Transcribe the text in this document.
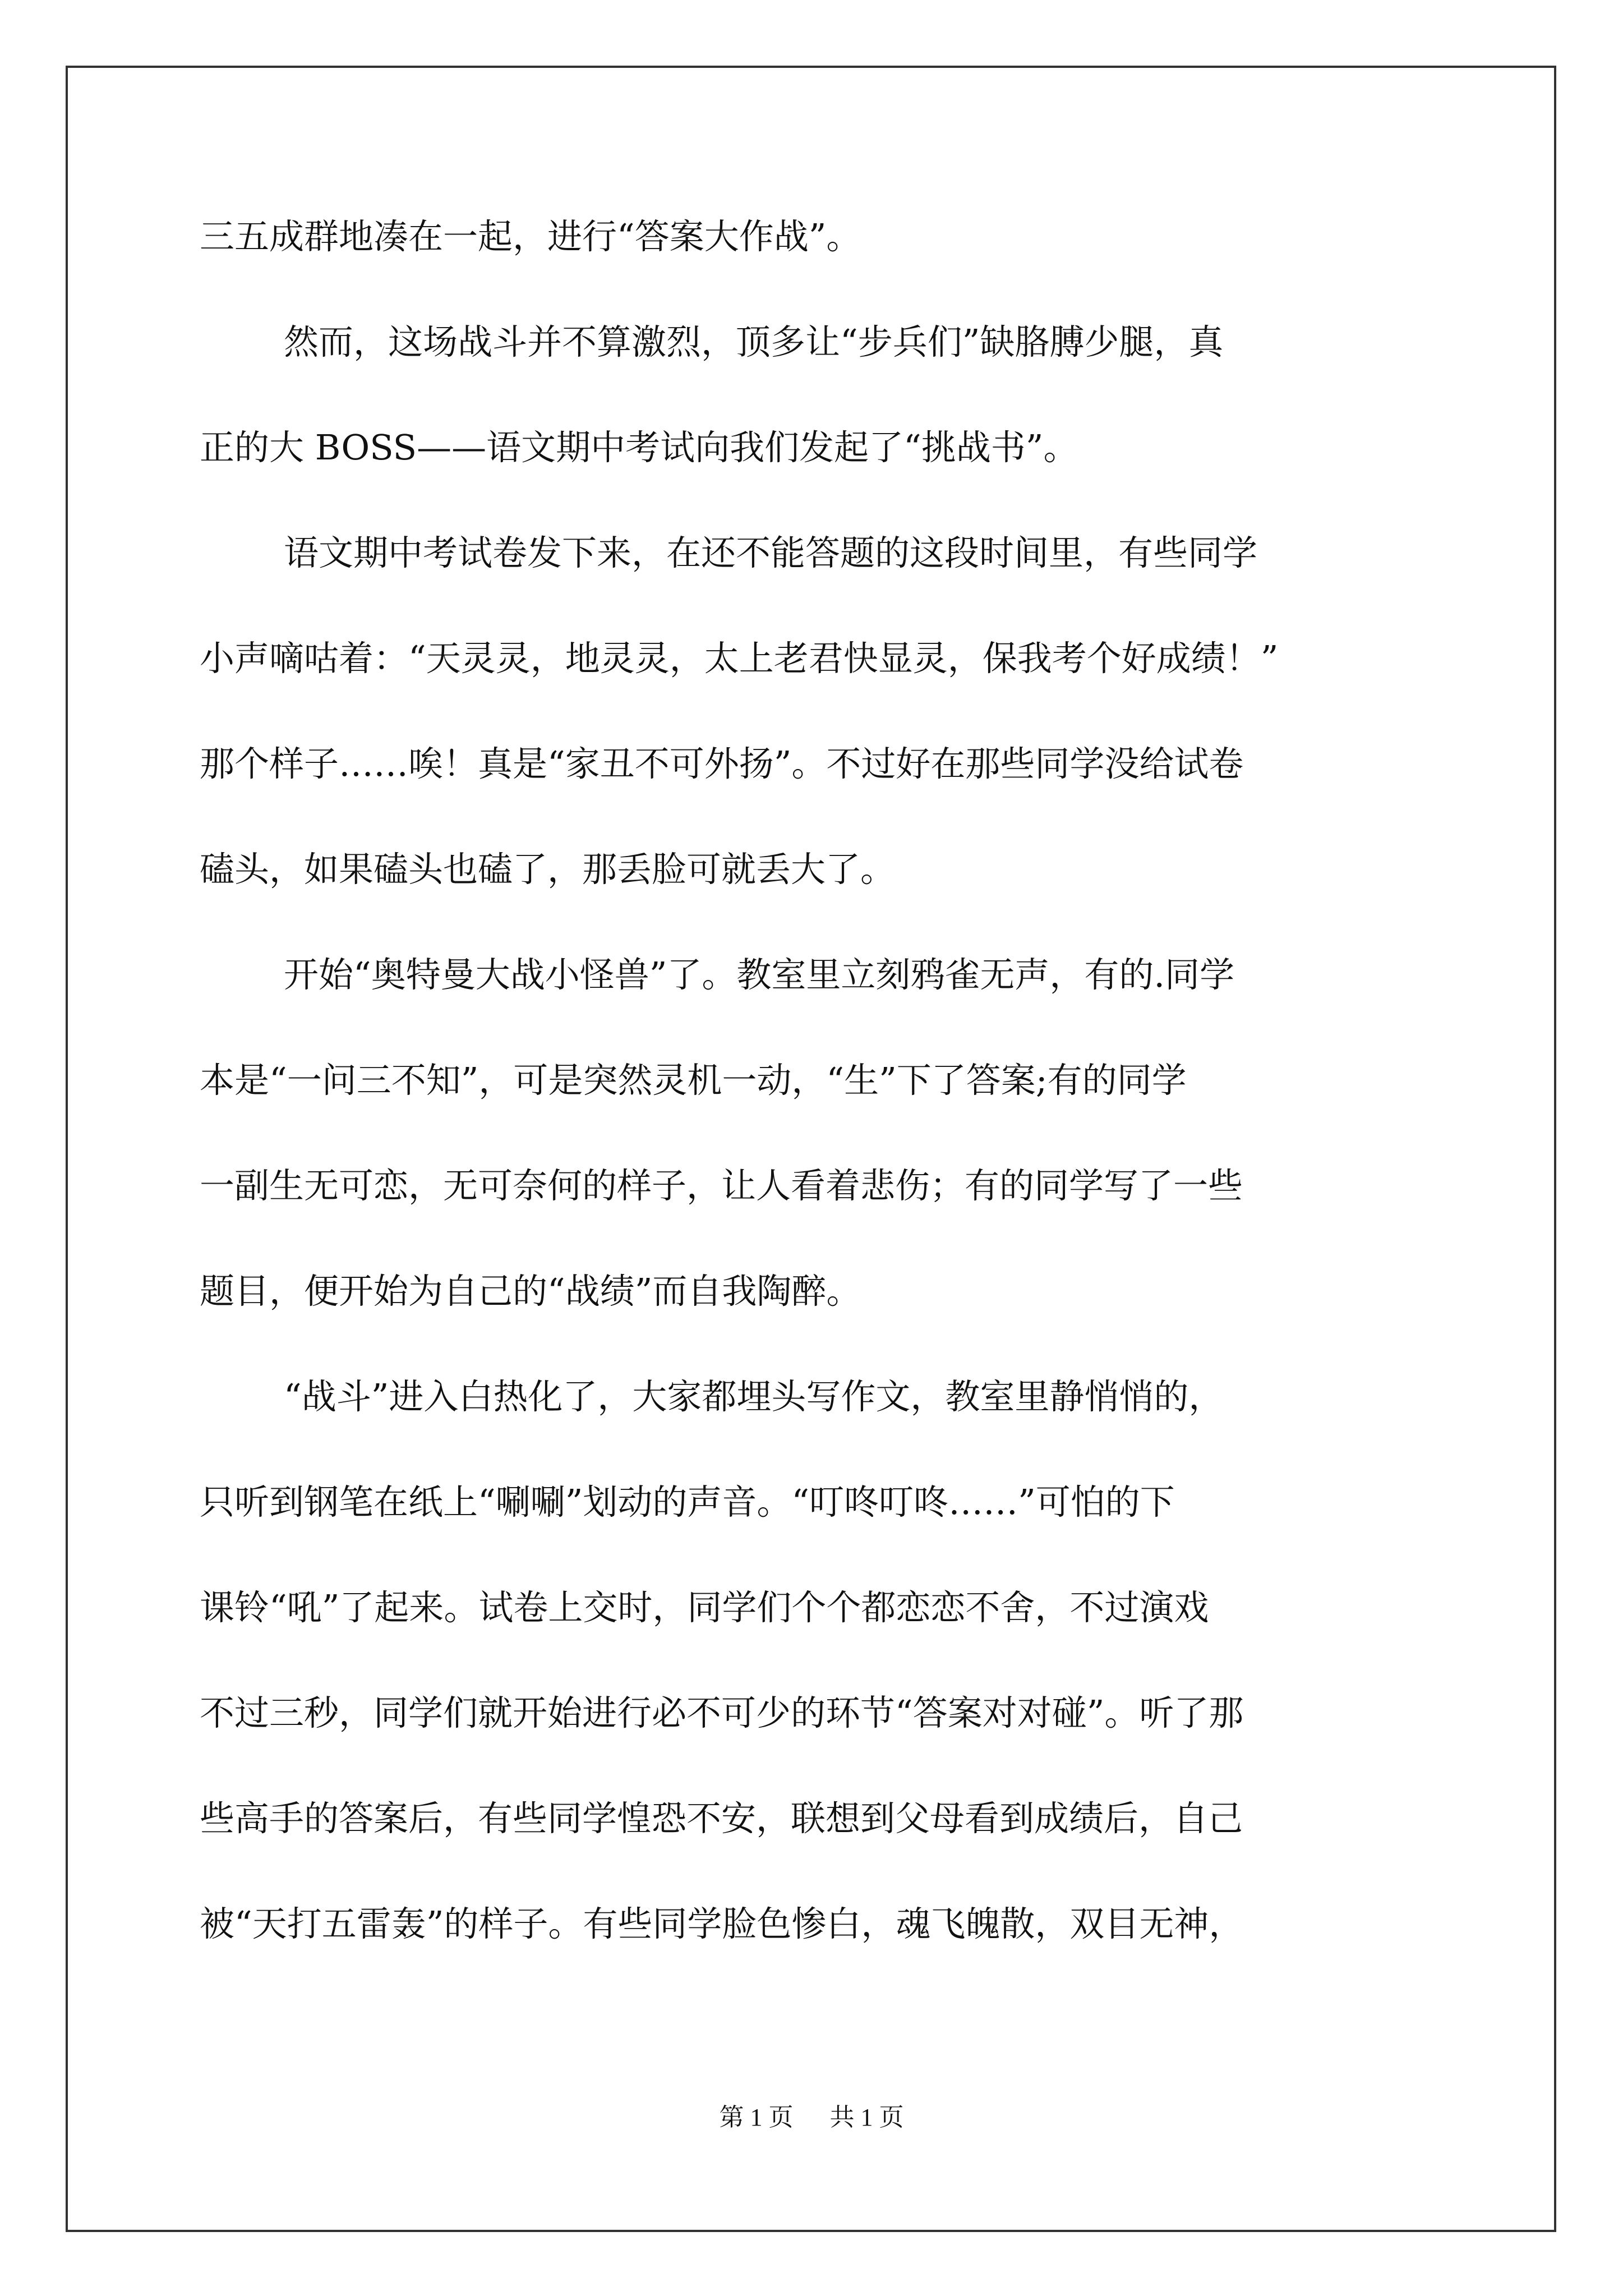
三五成群地凑在一起，进行“答案大作战”。
然而，这场战斗并不算激烈，顶多让“步兵们”缺胳膊少腿，真
正的大 BOSS——语文期中考试向我们发起了“挑战书”。
语文期中考试卷发下来，在还不能答题的这段时间里，有些同学
小声嘀咕着：“天灵灵，地灵灵，太上老君快显灵，保我考个好成绩！”
那个样子……唉！真是“家丑不可外扬”。不过好在那些同学没给试卷
磕头，如果磕头也磕了，那丢脸可就丢大了。
开始“奥特曼大战小怪兽”了。教室里立刻鸦雀无声，有的.同学
本是“一问三不知”，可是突然灵机一动，“生”下了答案;有的同学
一副生无可恋，无可奈何的样子，让人看着悲伤；有的同学写了一些
题目，便开始为自己的“战绩”而自我陶醉。
“战斗”进入白热化了，大家都埋头写作文，教室里静悄悄的，
只听到钢笔在纸上“唰唰”划动的声音。“叮咚叮咚……”可怕的下
课铃“吼”了起来。试卷上交时，同学们个个都恋恋不舍，不过演戏
不过三秒，同学们就开始进行必不可少的环节“答案对对碰”。听了那
些高手的答案后，有些同学惶恐不安，联想到父母看到成绩后，自己
被“天打五雷轰”的样子。有些同学脸色惨白，魂飞魄散，双目无神，
第 1 页 共 1 页
